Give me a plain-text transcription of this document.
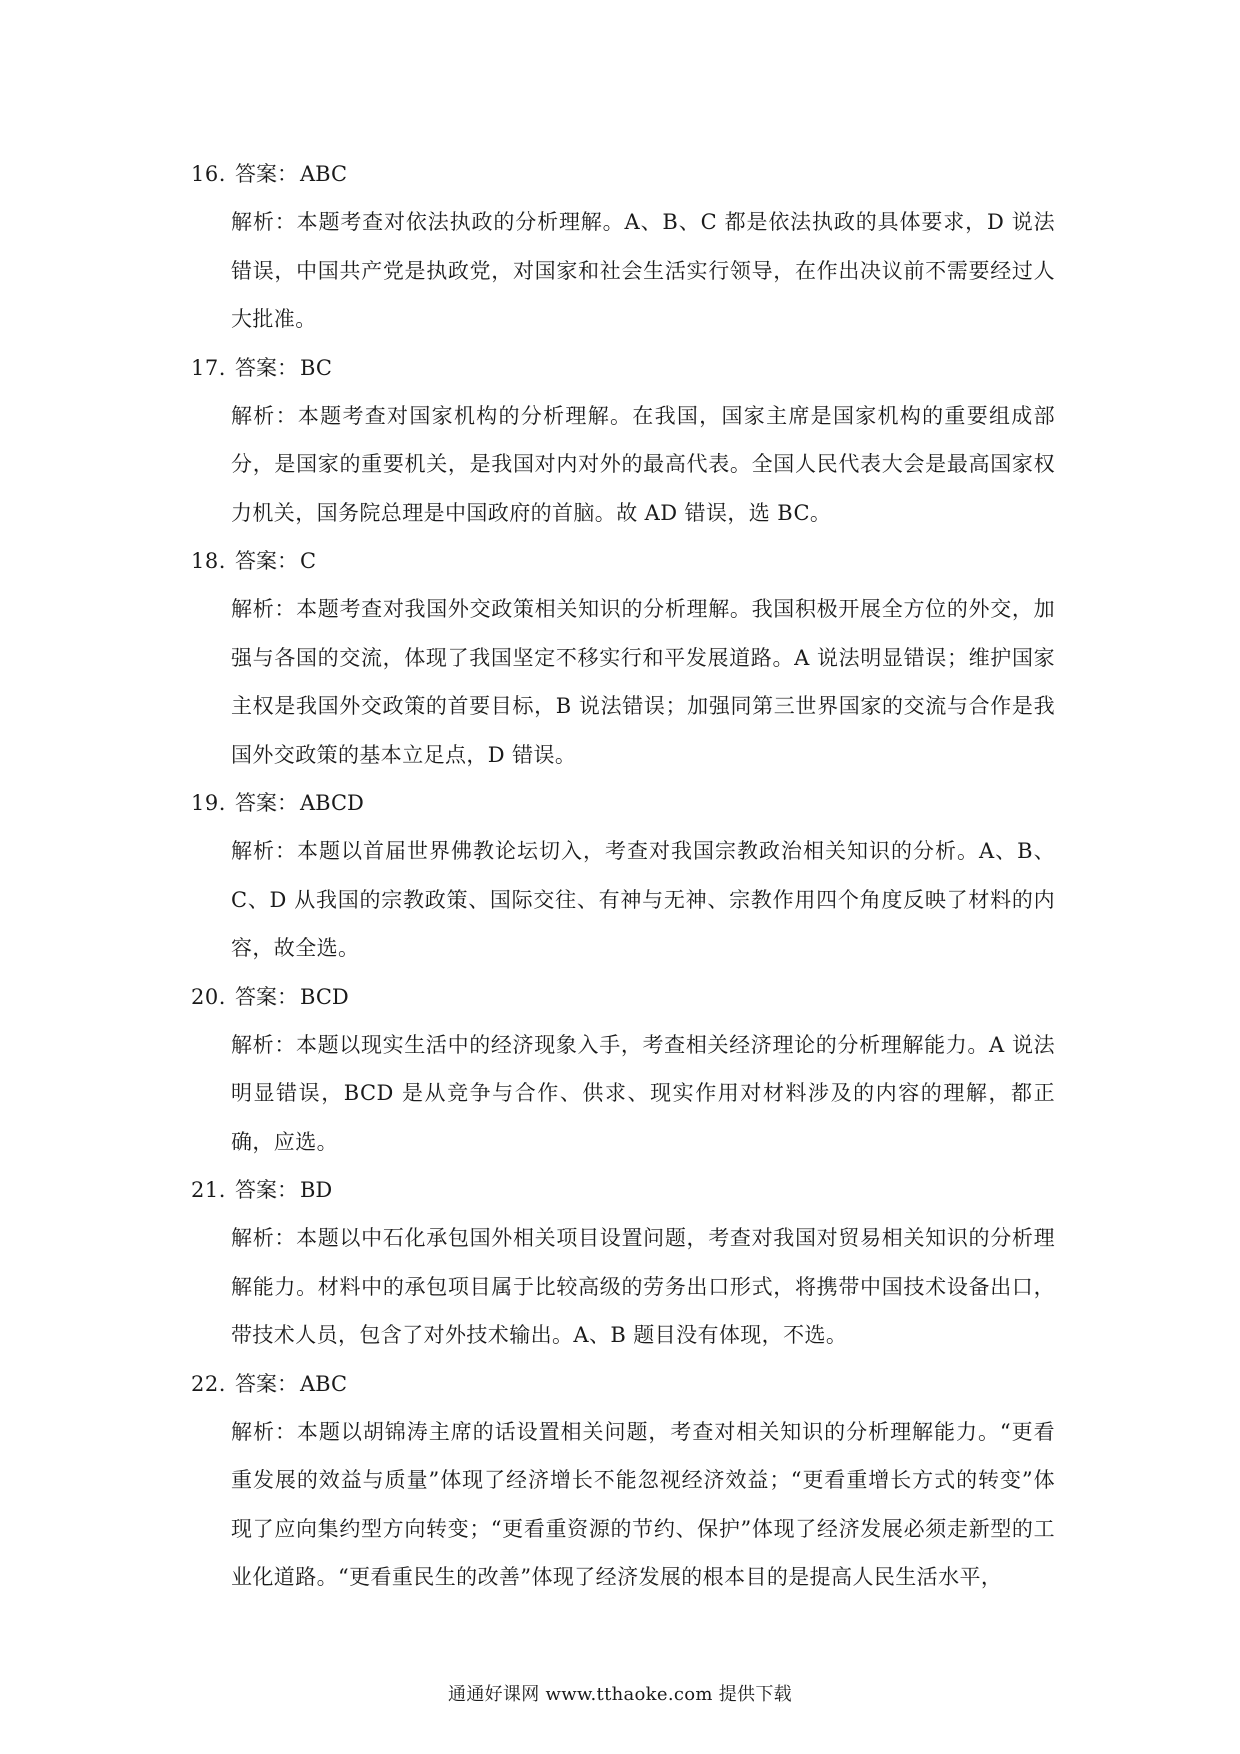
16. 答案： ABC

解析：本题考查对依法执政的分析理解。A、B、C 都是依法执政的具体要求，D 说法错误，中国共产党是执政党，对国家和社会生活实行领导，在作出决议前不需要经过人大批准。

17. 答案： BC

解析：本题考查对国家机构的分析理解。在我国，国家主席是国家机构的重要组成部分，是国家的重要机关，是我国对内对外的最高代表。全国人民代表大会是最高国家权力机关，国务院总理是中国政府的首脑。故 AD 错误，选 BC。

18. 答案： C

解析：本题考查对我国外交政策相关知识的分析理解。我国积极开展全方位的外交，加强与各国的交流，体现了我国坚定不移实行和平发展道路。A 说法明显错误；维护国家主权是我国外交政策的首要目标，B 说法错误；加强同第三世界国家的交流与合作是我国外交政策的基本立足点，D 错误。

19. 答案： ABCD

解析：本题以首届世界佛教论坛切入，考查对我国宗教政治相关知识的分析。A、B、C、D 从我国的宗教政策、国际交往、有神与无神、宗教作用四个角度反映了材料的内容，故全选。

20. 答案： BCD

解析：本题以现实生活中的经济现象入手，考查相关经济理论的分析理解能力。A 说法明显错误，BCD 是从竞争与合作、供求、现实作用对材料涉及的内容的理解，都正确，应选。

21. 答案： BD

解析：本题以中石化承包国外相关项目设置问题，考查对我国对贸易相关知识的分析理解能力。材料中的承包项目属于比较高级的劳务出口形式，将携带中国技术设备出口，带技术人员，包含了对外技术输出。A、B 题目没有体现，不选。

22. 答案： ABC

解析：本题以胡锦涛主席的话设置相关问题，考查对相关知识的分析理解能力。“更看重发展的效益与质量”体现了经济增长不能忽视经济效益；“更看重增长方式的转变”体现了应向集约型方向转变；“更看重资源的节约、保护”体现了经济发展必须走新型的工业化道路。“更看重民生的改善”体现了经济发展的根本目的是提高人民生活水平，

通通好课网 www.tthaoke.com 提供下载
